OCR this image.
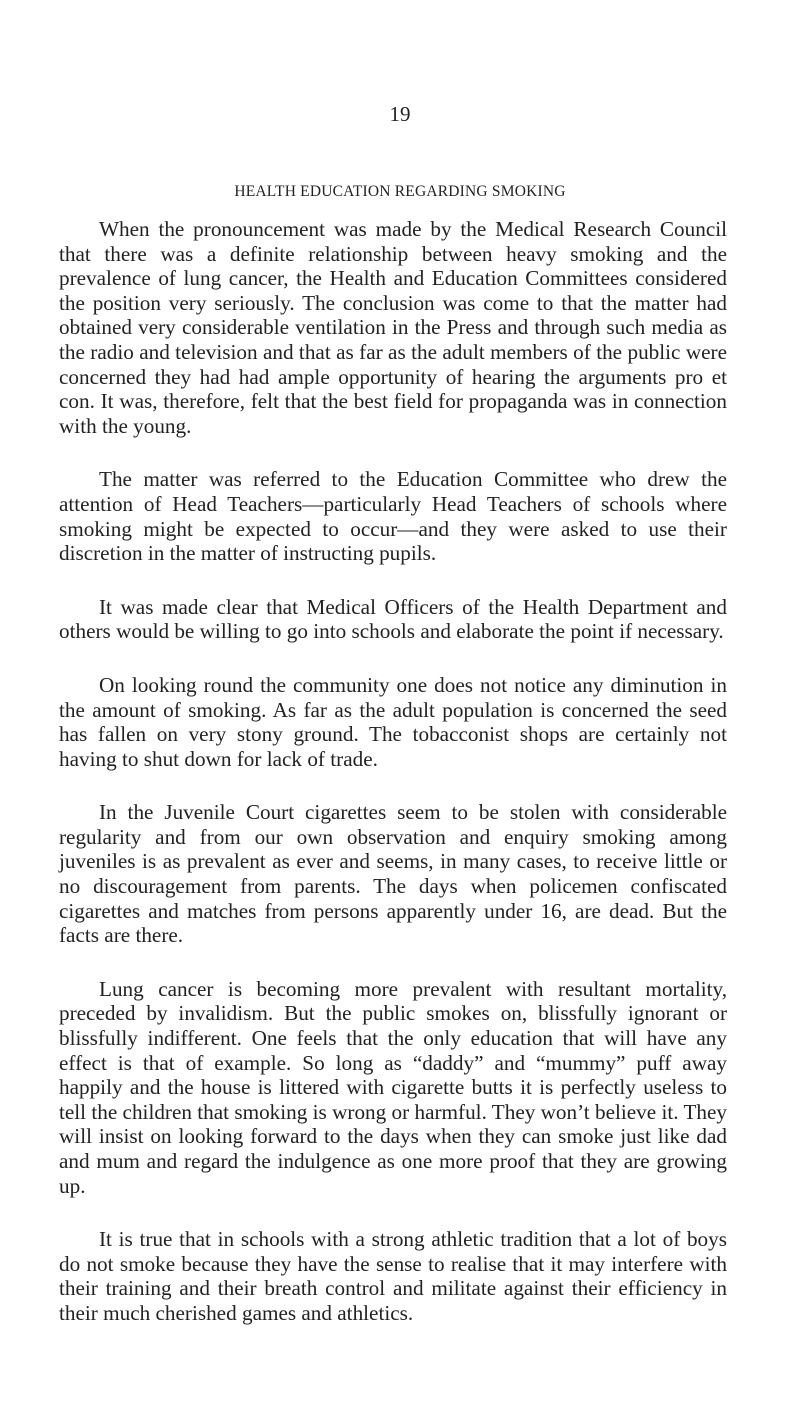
19
HEALTH EDUCATION REGARDING SMOKING

When the pronouncement was made by the Medical Research Council that there was a definite relationship between heavy smoking and the prevalence of lung cancer, the Health and Education Committees considered the position very seriously. The conclusion was come to that the matter had obtained very considerable ventilation in the Press and through such media as the radio and television and that as far as the adult members of the public were concerned they had had ample opportunity of hearing the arguments pro et con. It was, therefore, felt that the best field for propaganda was in connection with the young.

The matter was referred to the Education Committee who drew the attention of Head Teachers—particularly Head Teachers of schools where smoking might be expected to occur—and they were asked to use their discretion in the matter of instructing pupils.

It was made clear that Medical Officers of the Health Department and others would be willing to go into schools and elaborate the point if necessary.

On looking round the community one does not notice any diminution in the amount of smoking. As far as the adult population is concerned the seed has fallen on very stony ground. The tobacconist shops are certainly not having to shut down for lack of trade.

In the Juvenile Court cigarettes seem to be stolen with considerable regularity and from our own observation and enquiry smoking among juveniles is as prevalent as ever and seems, in many cases, to receive little or no discouragement from parents. The days when policemen confiscated cigarettes and matches from persons apparently under 16, are dead. But the facts are there.

Lung cancer is becoming more prevalent with resultant mortality, preceded by invalidism. But the public smokes on, blissfully ignorant or blissfully indifferent. One feels that the only education that will have any effect is that of example. So long as “daddy” and “mummy” puff away happily and the house is littered with cigarette butts it is perfectly useless to tell the children that smoking is wrong or harmful. They won’t believe it. They will insist on looking forward to the days when they can smoke just like dad and mum and regard the indulgence as one more proof that they are growing up.

It is true that in schools with a strong athletic tradition that a lot of boys do not smoke because they have the sense to realise that it may interfere with their training and their breath control and militate against their efficiency in their much cherished games and athletics.
